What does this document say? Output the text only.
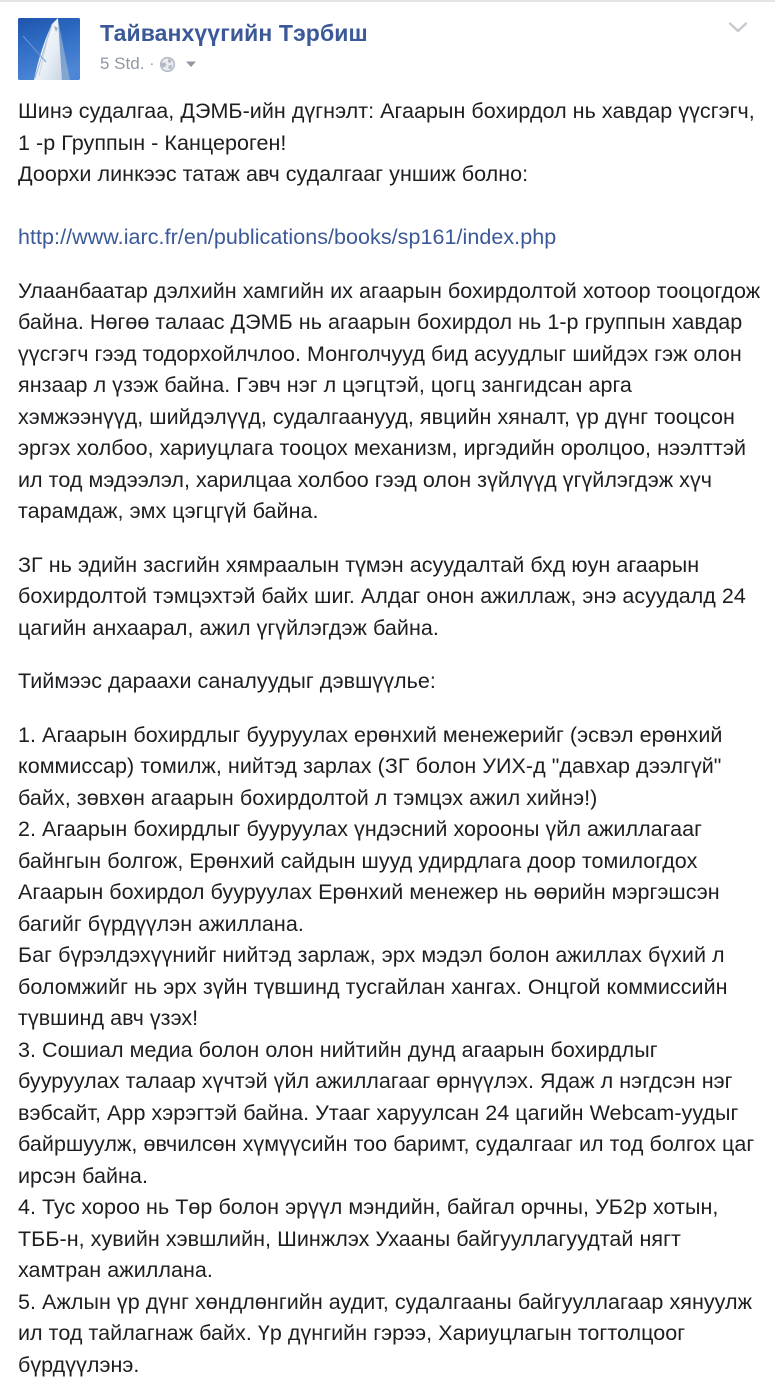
Тайванхүүгийн Тэрбиш
5 Std. ·
Шинэ судалгаа, ДЭМБ-ийн дүгнэлт: Агаарын бохирдол нь хавдар үүсгэгч, 1 -р Группын - Канцероген!
Доорхи линкээс татаж авч судалгааг уншиж болно:

http://www.iarc.fr/en/publications/books/sp161/index.php

Улаанбаатар дэлхийн хамгийн их агаарын бохирдолтой хотоор тооцогдож байна. Нөгөө талаас ДЭМБ нь агаарын бохирдол нь 1-р группын хавдар үүсгэгч гээд тодорхойлчлоо. Монголчууд бид асуудлыг шийдэх гэж олон янзаар л үзэж байна. Гэвч нэг л цэгцтэй, цогц зангидсан арга хэмжээнүүд, шийдэлүүд, судалгаанууд, явцийн хяналт, үр дүнг тооцсон эргэх холбоо, хариуцлага тооцох механизм, иргэдийн оролцоо, нээлттэй ил тод мэдээлэл, харилцаа холбоо гээд олон зүйлүүд үгүйлэгдэж хүч тарамдаж, эмх цэгцгүй байна.
ЗГ нь эдийн засгийн хямраалын түмэн асуудалтай бхд юун агаарын бохирдолтой тэмцэхтэй байх шиг. Алдаг онон ажиллаж, энэ асуудалд 24 цагийн анхаарал, ажил үгүйлэгдэж байна.
Тиймээс дараахи саналуудыг дэвшүүлье:
1. Агаарын бохирдлыг бууруулах ерөнхий менежерийг (эсвэл ерөнхий коммиссар) томилж, нийтэд зарлах (ЗГ болон УИХ-д "давхар дээлгүй" байх, зөвхөн агаарын бохирдолтой л тэмцэх ажил хийнэ!)
2. Агаарын бохирдлыг бууруулах үндэсний хорооны үйл ажиллагааг байнгын болгож, Ерөнхий сайдын шууд удирдлага доор томилогдох Агаарын бохирдол бууруулах Ерөнхий менежер нь өөрийн мэргэшсэн багийг бүрдүүлэн ажиллана.
Баг бүрэлдэхүүнийг нийтэд зарлаж, эрх мэдэл болон ажиллах бүхий л боломжийг нь эрх зүйн түвшинд тусгайлан хангах. Онцгой коммиссийн түвшинд авч үзэх!
3. Сошиал медиа болон олон нийтийн дунд агаарын бохирдлыг бууруулах талаар хүчтэй үйл ажиллагааг өрнүүлэх. Ядаж л нэгдсэн нэг вэбсайт, App хэрэгтэй байна. Утааг харуулсан 24 цагийн Webcam-уудыг байршуулж, өвчилсөн хүмүүсийн тоо баримт, судалгааг ил тод болгох цаг ирсэн байна.
4. Тус хороо нь Төр болон эрүүл мэндийн, байгал орчны, УБ2р хотын, ТББ-н, хувийн хэвшлийн, Шинжлэх Ухааны байгууллагуудтай нягт хамтран ажиллана.
5. Ажлын үр дүнг хөндлөнгийн аудит, судалгааны байгууллагаар хянуулж ил тод тайлагнаж байх. Үр дүнгийн гэрээ, Хариуцлагын тогтолцоог бүрдүүлэнэ.
